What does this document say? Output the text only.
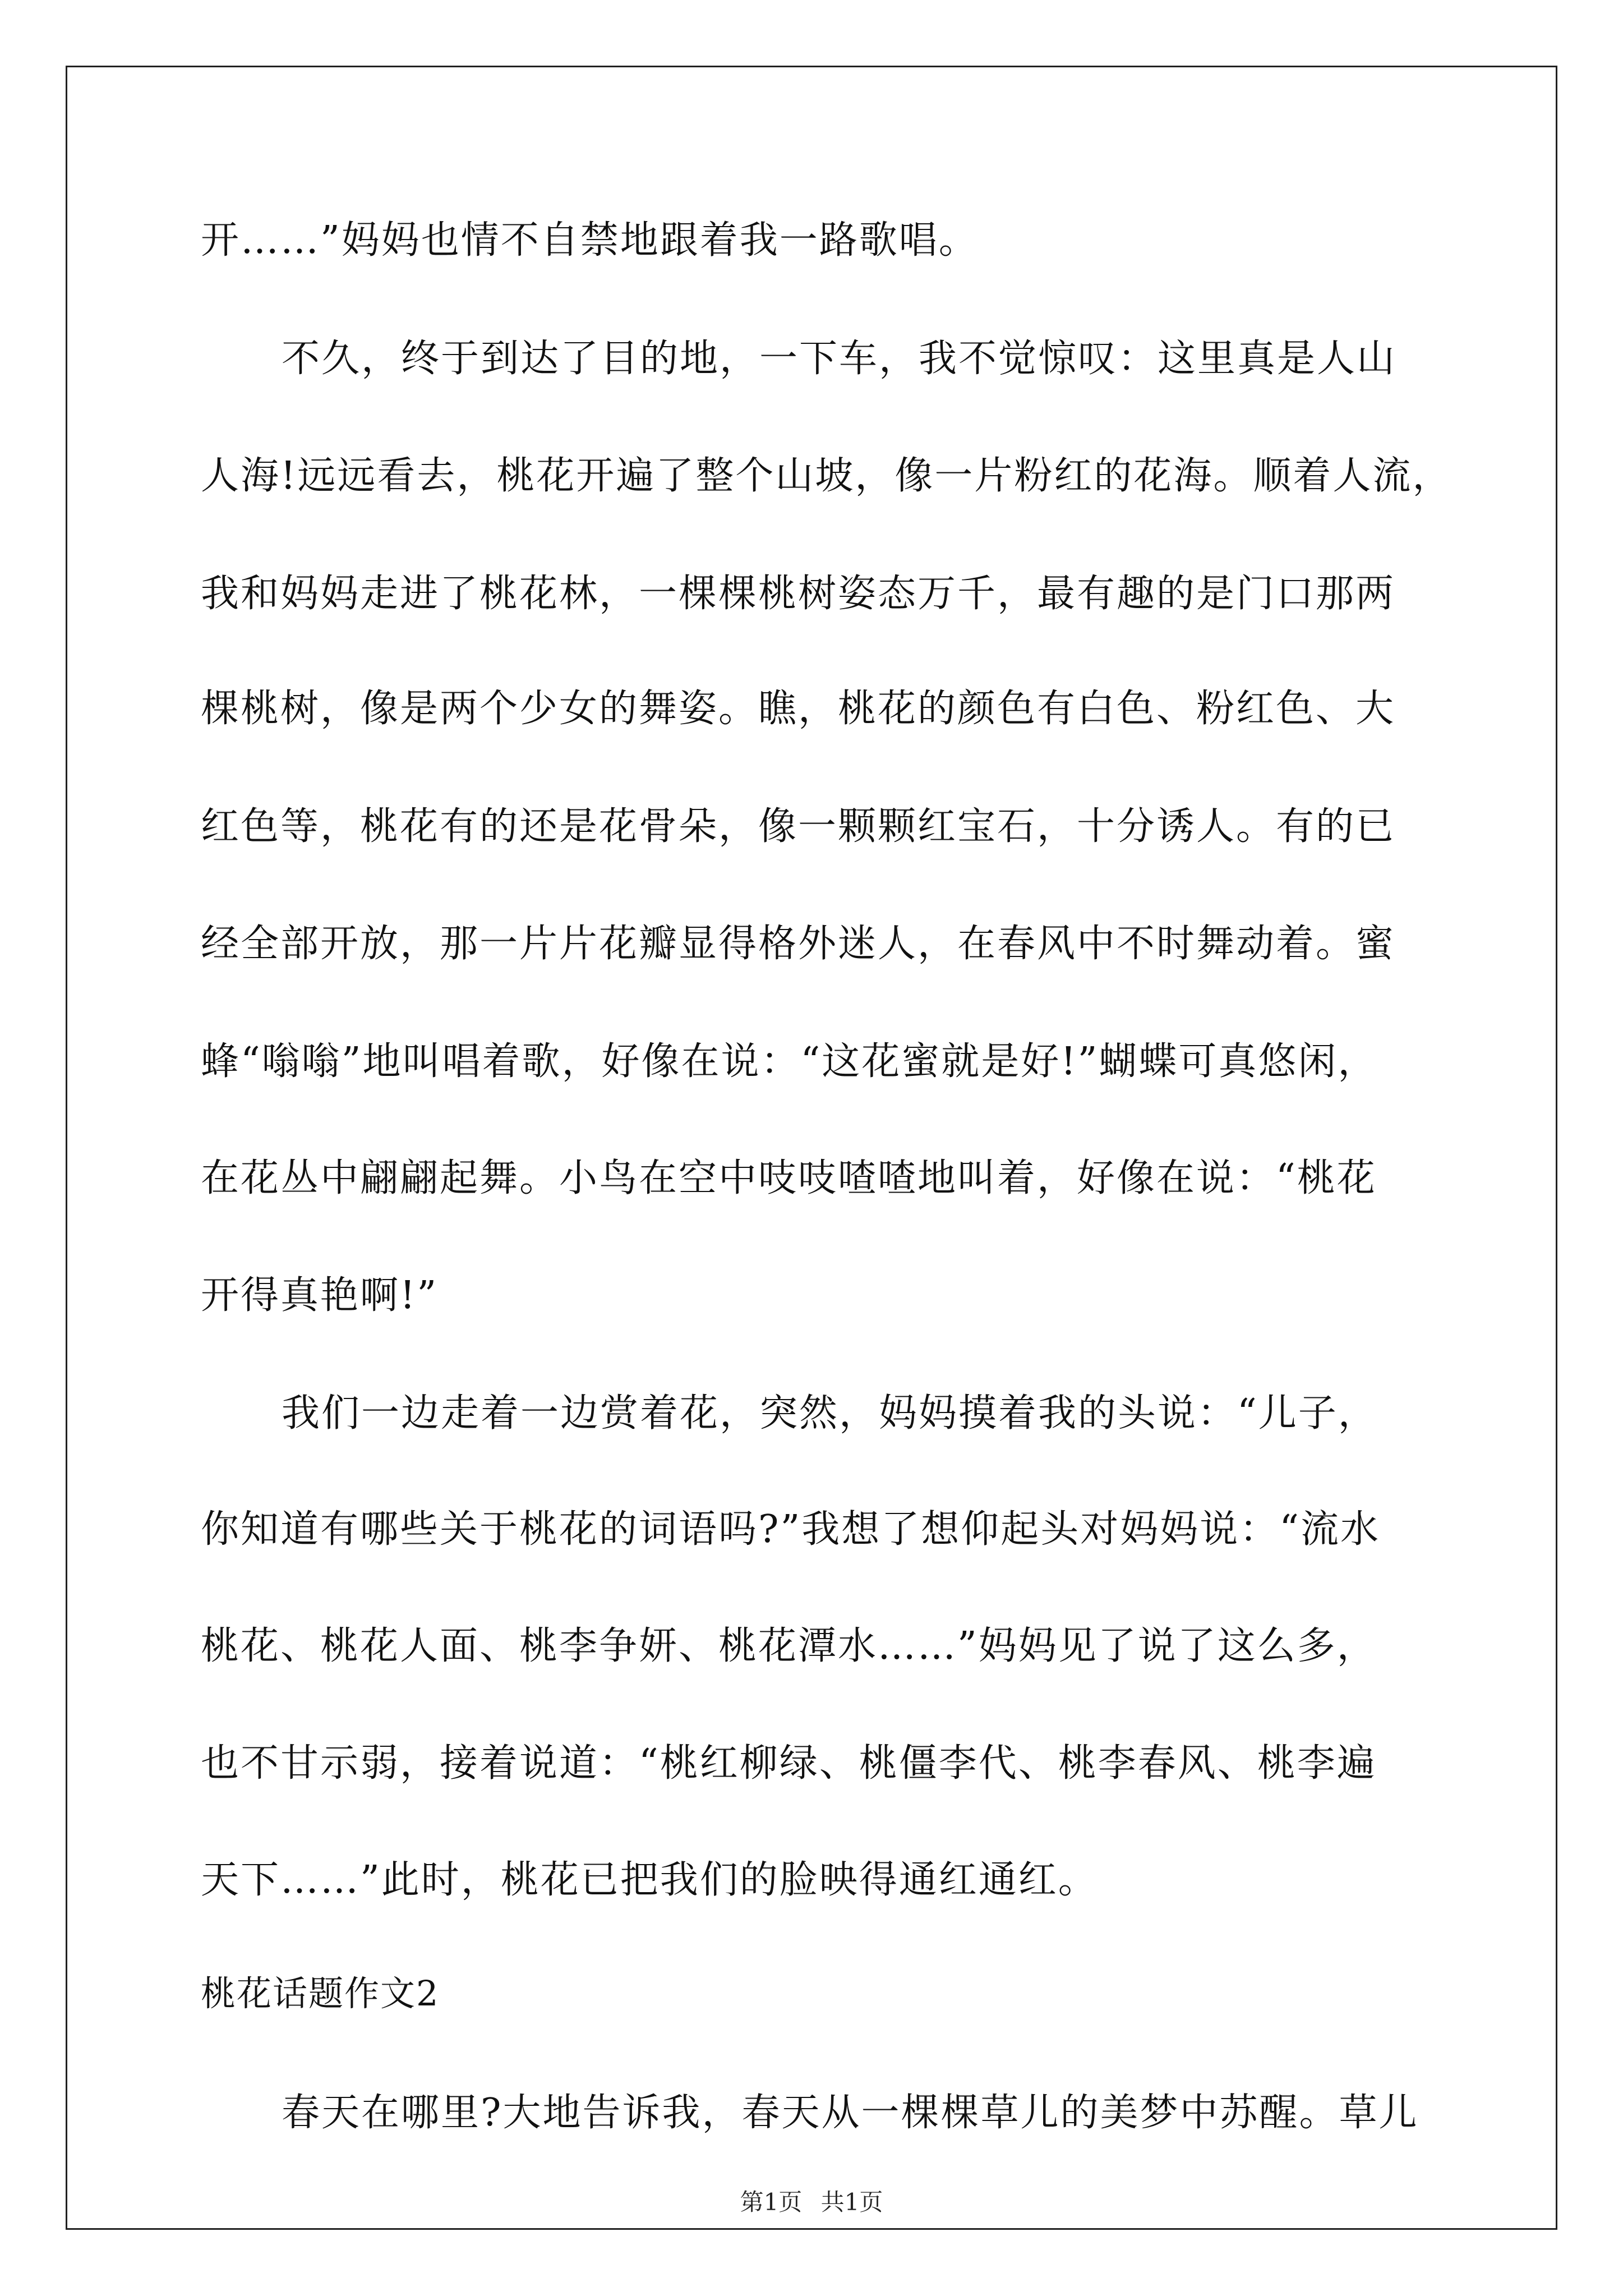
开……”妈妈也情不自禁地跟着我一路歌唱。
不久，终于到达了目的地，一下车，我不觉惊叹：这里真是人山
人海!远远看去，桃花开遍了整个山坡，像一片粉红的花海。顺着人流，
我和妈妈走进了桃花林，一棵棵桃树姿态万千，最有趣的是门口那两
棵桃树，像是两个少女的舞姿。瞧，桃花的颜色有白色、粉红色、大
红色等，桃花有的还是花骨朵，像一颗颗红宝石，十分诱人。有的已
经全部开放，那一片片花瓣显得格外迷人，在春风中不时舞动着。蜜
蜂“嗡嗡”地叫唱着歌，好像在说：“这花蜜就是好!”蝴蝶可真悠闲，
在花丛中翩翩起舞。小鸟在空中吱吱喳喳地叫着，好像在说：“桃花
开得真艳啊!”
我们一边走着一边赏着花，突然，妈妈摸着我的头说：“儿子，
你知道有哪些关于桃花的词语吗?”我想了想仰起头对妈妈说：“流水
桃花、桃花人面、桃李争妍、桃花潭水……”妈妈见了说了这么多，
也不甘示弱，接着说道：“桃红柳绿、桃僵李代、桃李春风、桃李遍
天下……”此时，桃花已把我们的脸映得通红通红。
桃花话题作文2
春天在哪里?大地告诉我，春天从一棵棵草儿的美梦中苏醒。草儿
第1页 共1页
